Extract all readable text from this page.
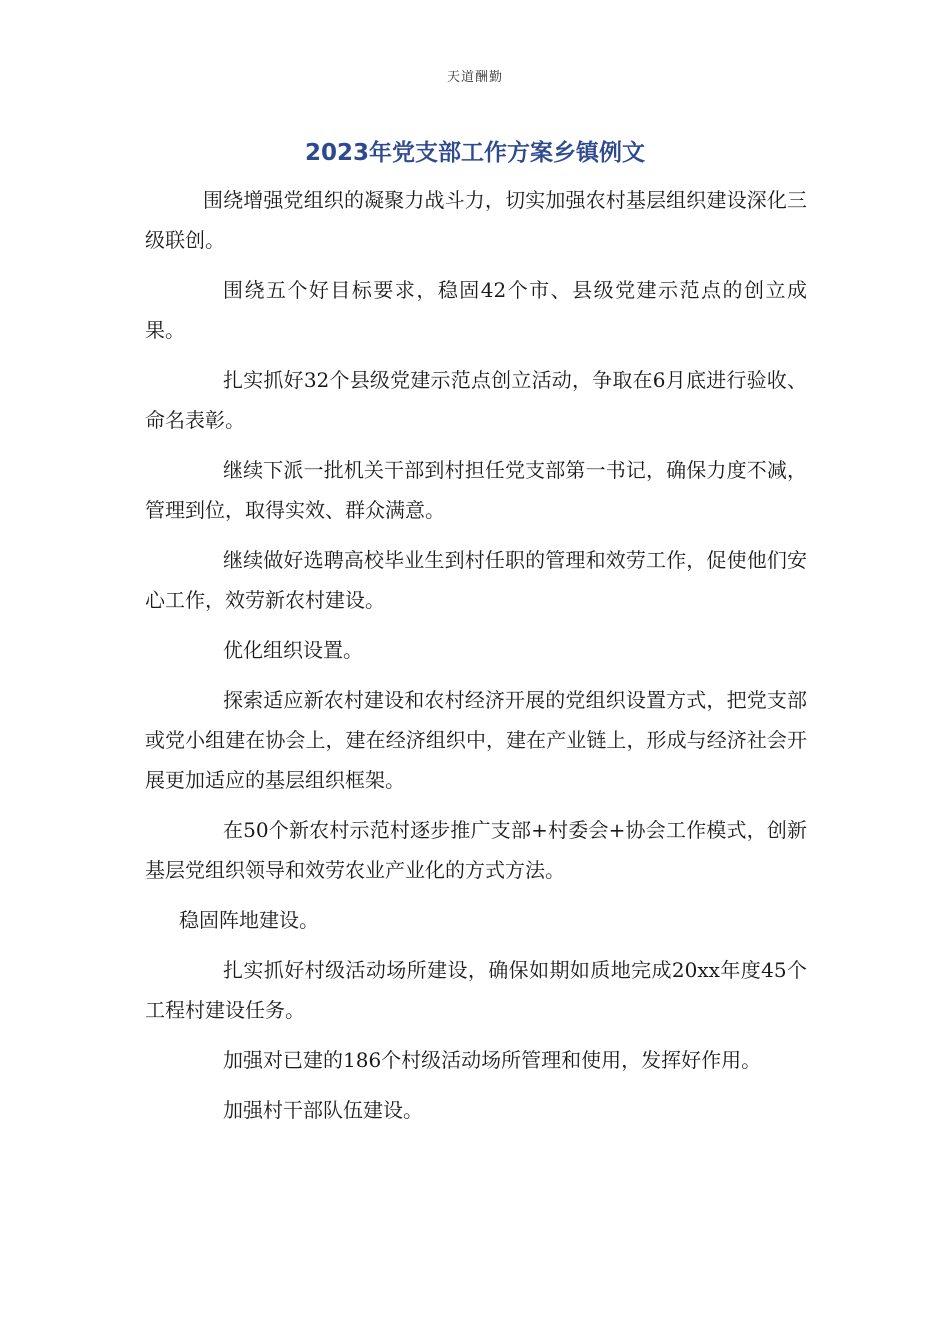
天道酬勤
2023年党支部工作方案乡镇例文

围绕增强党组织的凝聚力战斗力，切实加强农村基层组织建设深化三级联创。

围绕五个好目标要求，稳固42个市、县级党建示范点的创立成果。

扎实抓好32个县级党建示范点创立活动，争取在6月底进行验收、命名表彰。

继续下派一批机关干部到村担任党支部第一书记，确保力度不减，管理到位，取得实效、群众满意。

继续做好选聘高校毕业生到村任职的管理和效劳工作，促使他们安心工作，效劳新农村建设。

优化组织设置。

探索适应新农村建设和农村经济开展的党组织设置方式，把党支部或党小组建在协会上，建在经济组织中，建在产业链上，形成与经济社会开展更加适应的基层组织框架。

在50个新农村示范村逐步推广支部+村委会+协会工作模式，创新基层党组织领导和效劳农业产业化的方式方法。

稳固阵地建设。

扎实抓好村级活动场所建设，确保如期如质地完成20xx年度45个工程村建设任务。

加强对已建的186个村级活动场所管理和使用，发挥好作用。

加强村干部队伍建设。
